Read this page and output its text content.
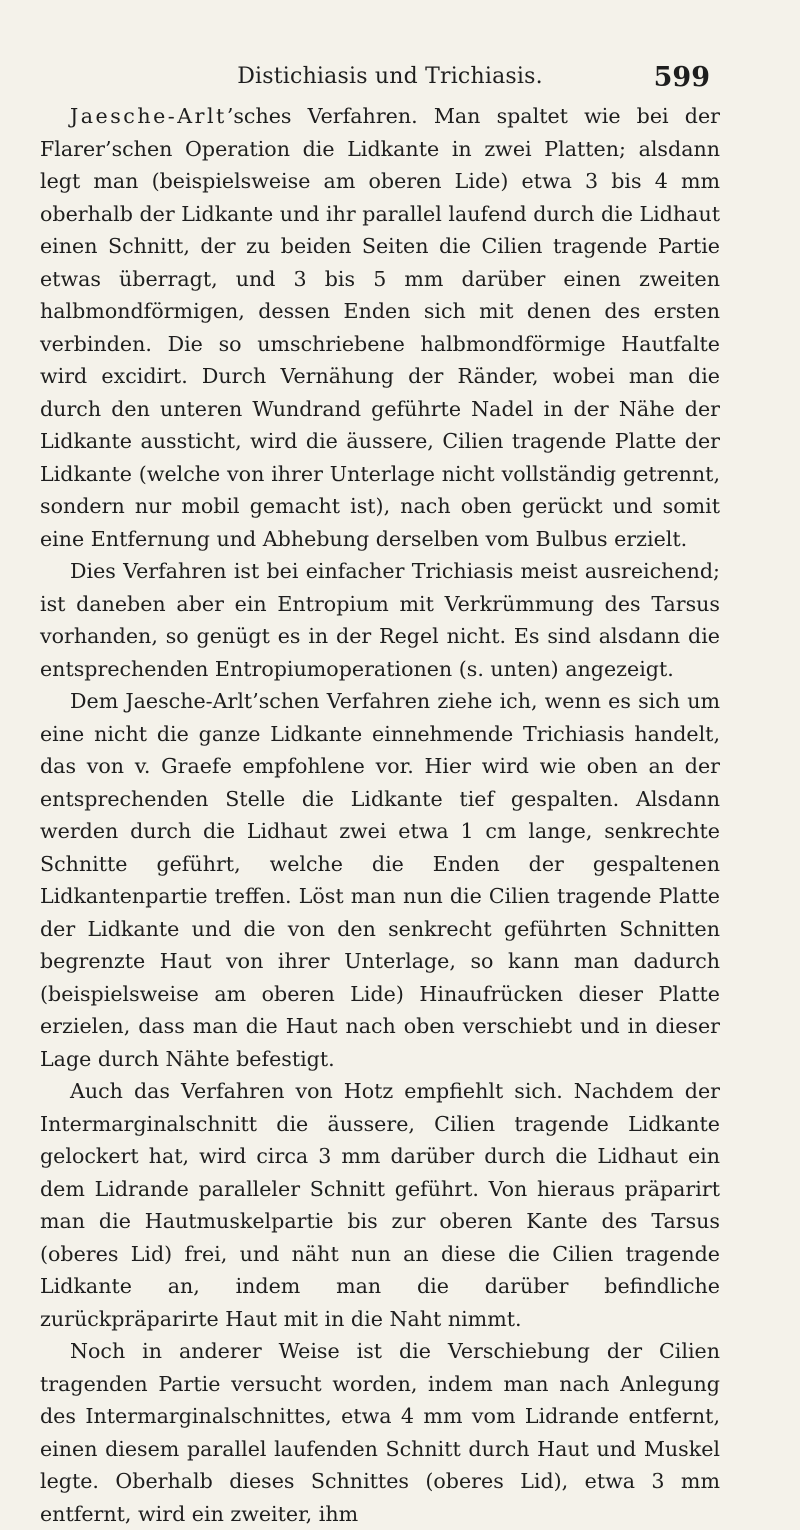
Distichiasis und Trichiasis.	599

Jaesche-Arlt’sches Verfahren. Man spaltet wie bei der Flarer’schen Operation die Lidkante in zwei Platten; alsdann legt man (beispielsweise am oberen Lide) etwa 3 bis 4 mm oberhalb der Lidkante und ihr parallel laufend durch die Lidhaut einen Schnitt, der zu beiden Seiten die Cilien tragende Partie etwas überragt, und 3 bis 5 mm darüber einen zweiten halbmondförmigen, dessen Enden sich mit denen des ersten verbinden. Die so umschriebene halbmondförmige Hautfalte wird excidirt. Durch Vernähung der Ränder, wobei man die durch den unteren Wundrand geführte Nadel in der Nähe der Lidkante aussticht, wird die äussere, Cilien tragende Platte der Lidkante (welche von ihrer Unterlage nicht vollständig getrennt, sondern nur mobil gemacht ist), nach oben gerückt und somit eine Entfernung und Abhebung derselben vom Bulbus erzielt.

Dies Verfahren ist bei einfacher Trichiasis meist ausreichend; ist daneben aber ein Entropium mit Verkrümmung des Tarsus vorhanden, so genügt es in der Regel nicht. Es sind alsdann die entsprechenden Entropiumoperationen (s. unten) angezeigt.

Dem Jaesche-Arlt’schen Verfahren ziehe ich, wenn es sich um eine nicht die ganze Lidkante einnehmende Trichiasis handelt, das von v. Graefe empfohlene vor. Hier wird wie oben an der entsprechenden Stelle die Lidkante tief gespalten. Alsdann werden durch die Lidhaut zwei etwa 1 cm lange, senkrechte Schnitte geführt, welche die Enden der gespaltenen Lidkantenpartie treffen. Löst man nun die Cilien tragende Platte der Lidkante und die von den senkrecht geführten Schnitten begrenzte Haut von ihrer Unterlage, so kann man dadurch (beispielsweise am oberen Lide) Hinaufrücken dieser Platte erzielen, dass man die Haut nach oben verschiebt und in dieser Lage durch Nähte befestigt.

Auch das Verfahren von Hotz empfiehlt sich. Nachdem der Intermarginalschnitt die äussere, Cilien tragende Lidkante gelockert hat, wird circa 3 mm darüber durch die Lidhaut ein dem Lidrande paralleler Schnitt geführt. Von hieraus präparirt man die Hautmuskelpartie bis zur oberen Kante des Tarsus (oberes Lid) frei, und näht nun an diese die Cilien tragende Lidkante an, indem man die darüber befindliche zurückpräparirte Haut mit in die Naht nimmt.

Noch in anderer Weise ist die Verschiebung der Cilien tragenden Partie versucht worden, indem man nach Anlegung des Intermarginalschnittes, etwa 4 mm vom Lidrande entfernt, einen diesem parallel laufenden Schnitt durch Haut und Muskel legte. Oberhalb dieses Schnittes (oberes Lid), etwa 3 mm entfernt, wird ein zweiter, ihm
